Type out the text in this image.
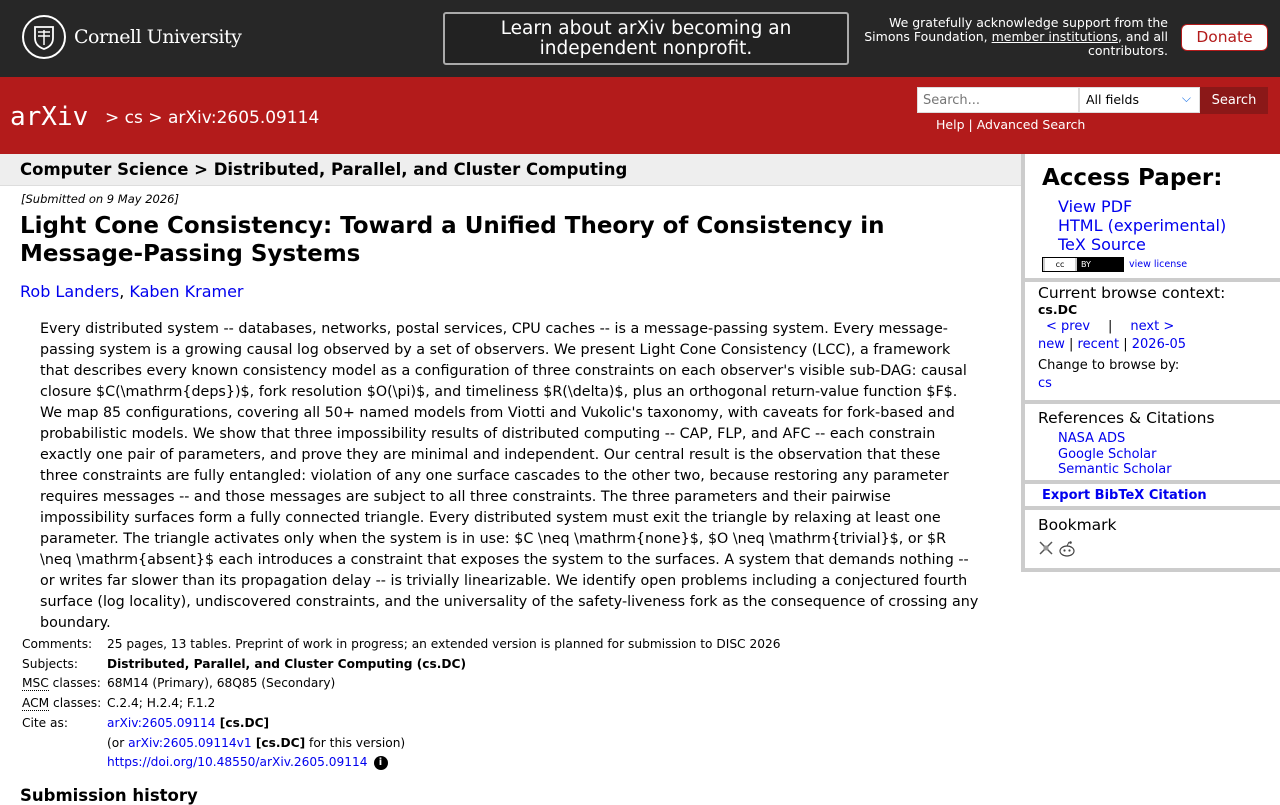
Cornell University	Learn about arXiv becoming an independent nonprofit.
We gratefully acknowledge support from the
Simons Foundation, member institutions, and all contributors.
Donate
arXiv > cs > arXiv:2605.09114
Search...
All fields	⌵	Search
Help | Advanced Search
Computer Science > Distributed, Parallel, and Cluster Computing
[Submitted on 9 May 2026]
Light Cone Consistency: Toward a Unified Theory of Consistency in Message-Passing Systems
Rob Landers, Kaben Kramer
Every distributed system -- databases, networks, postal services, CPU caches -- is a message-passing system. Every message-passing system is a growing causal log observed by a set of observers. We present Light Cone Consistency (LCC), a framework that describes every known consistency model as a configuration of three constraints on each observer's visible sub-DAG: causal closure $C(\mathrm{deps})$, fork resolution $O(\pi)$, and timeliness $R(\delta)$, plus an orthogonal return-value function $F$. We map 85 configurations, covering all 50+ named models from Viotti and Vukolic's taxonomy, with caveats for fork-based and probabilistic models. We show that three impossibility results of distributed computing -- CAP, FLP, and AFC -- each constrain exactly one pair of parameters, and prove they are minimal and independent. Our central result is the observation that these three constraints are fully entangled: violation of any one surface cascades to the other two, because restoring any parameter requires messages -- and those messages are subject to all three constraints. The three parameters and their pairwise impossibility surfaces form a fully connected triangle. Every distributed system must exit the triangle by relaxing at least one parameter. The triangle activates only when the system is in use: $C \neq \mathrm{none}$, $O \neq \mathrm{trivial}$, or $R \neq \mathrm{absent}$ each introduces a constraint that exposes the system to the surfaces. A system that demands nothing -- or writes far slower than its propagation delay -- is trivially linearizable. We identify open problems including a conjectured fourth surface (log locality), undiscovered constraints, and the universality of the safety-liveness fork as the consequence of crossing any boundary.
Comments:	25 pages, 13 tables. Preprint of work in progress; an extended version is planned for submission to DISC 2026
Subjects:	Distributed, Parallel, and Cluster Computing (cs.DC)
MSC classes: 68M14 (Primary), 68Q85 (Secondary)
ACM classes: C.2.4; H.2.4; F.1.2
Cite as:	arXiv:2605.09114 [cs.DC]
(or arXiv:2605.09114v1 [cs.DC] for this version)
https://doi.org/10.48550/arXiv.2605.09114 i
Submission history
Access Paper:
View PDF
HTML (experimental)
TeX Source
cc	BY	view license
Current browse context:
cs.DC
< prev | next >
new | recent | 2026-05
Change to browse by:
cs
References & Citations
NASA ADS
Google Scholar
Semantic Scholar
Export BibTeX Citation
Bookmark
